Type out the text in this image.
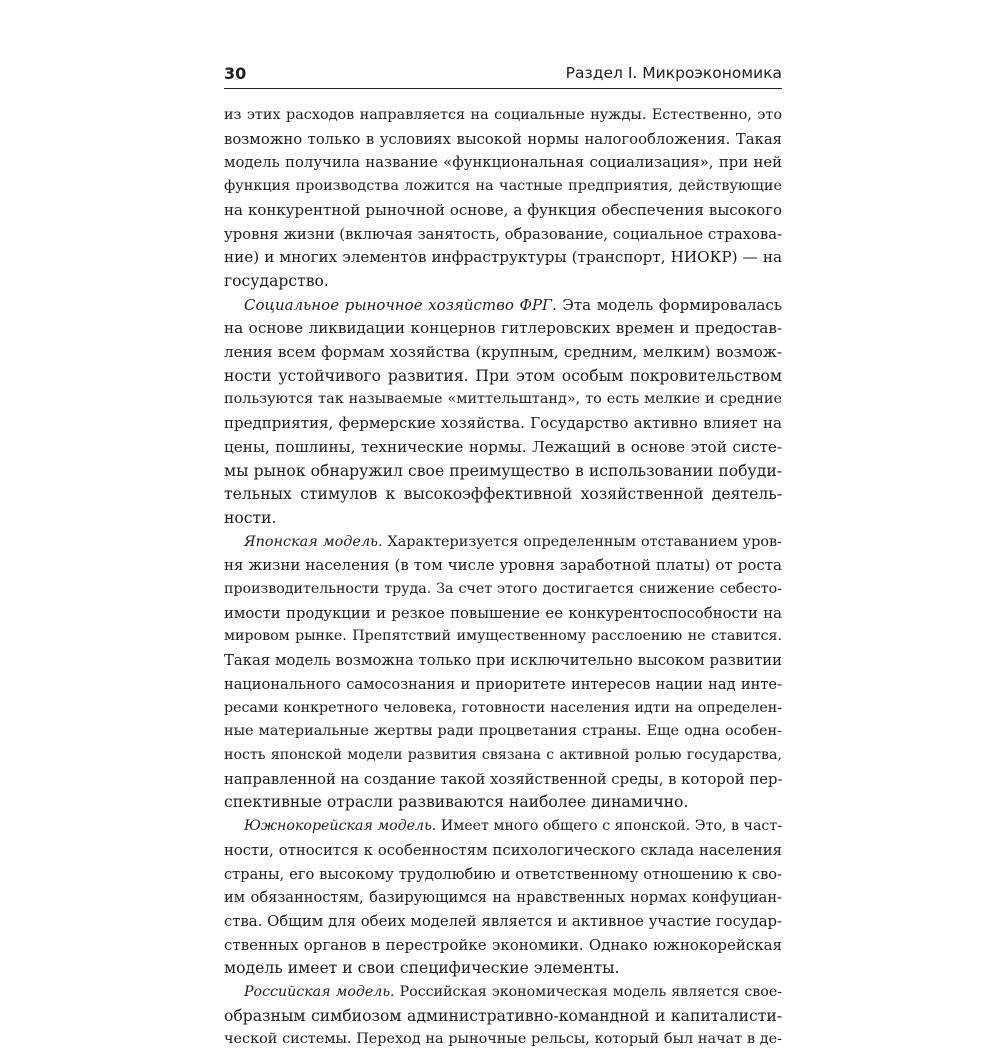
30	Раздел I. Микроэкономика
из этих расходов направляется на социальные нужды. Естественно, это
возможно только в условиях высокой нормы налогообложения. Такая
модель получила название «функциональная социализация», при ней
функция производства ложится на частные предприятия, действующие
на конкурентной рыночной основе, а функция обеспечения высокого
уровня жизни (включая занятость, образование, социальное страхова-
ние) и многих элементов инфраструктуры (транспорт, НИОКР) — на
государство.
Социальное рыночное хозяйство ФРГ. Эта модель формировалась
на основе ликвидации концернов гитлеровских времен и предостав-
ления всем формам хозяйства (крупным, средним, мелким) возмож-
ности устойчивого развития. При этом особым покровительством
пользуются так называемые «миттельштанд», то есть мелкие и средние
предприятия, фермерские хозяйства. Государство активно влияет на
цены, пошлины, технические нормы. Лежащий в основе этой систе-
мы рынок обнаружил свое преимущество в использовании побуди-
тельных стимулов к высокоэффективной хозяйственной деятель-
ности.
Японская модель. Характеризуется определенным отставанием уров-
ня жизни населения (в том числе уровня заработной платы) от роста
производительности труда. За счет этого достигается снижение себесто-
имости продукции и резкое повышение ее конкурентоспособности на
мировом рынке. Препятствий имущественному расслоению не ставится.
Такая модель возможна только при исключительно высоком развитии
национального самосознания и приоритете интересов нации над инте-
ресами конкретного человека, готовности населения идти на определен-
ные материальные жертвы ради процветания страны. Еще одна особен-
ность японской модели развития связана с активной ролью государства,
направленной на создание такой хозяйственной среды, в которой пер-
спективные отрасли развиваются наиболее динамично.
Южнокорейская модель. Имеет много общего с японской. Это, в част-
ности, относится к особенностям психологического склада населения
страны, его высокому трудолюбию и ответственному отношению к сво-
им обязанностям, базирующимся на нравственных нормах конфуциан-
ства. Общим для обеих моделей является и активное участие государ-
ственных органов в перестройке экономики. Однако южнокорейская
модель имеет и свои специфические элементы.
Российская модель. Российская экономическая модель является свое-
образным симбиозом административно-командной и капиталисти-
ческой системы. Переход на рыночные рельсы, который был начат в де-
